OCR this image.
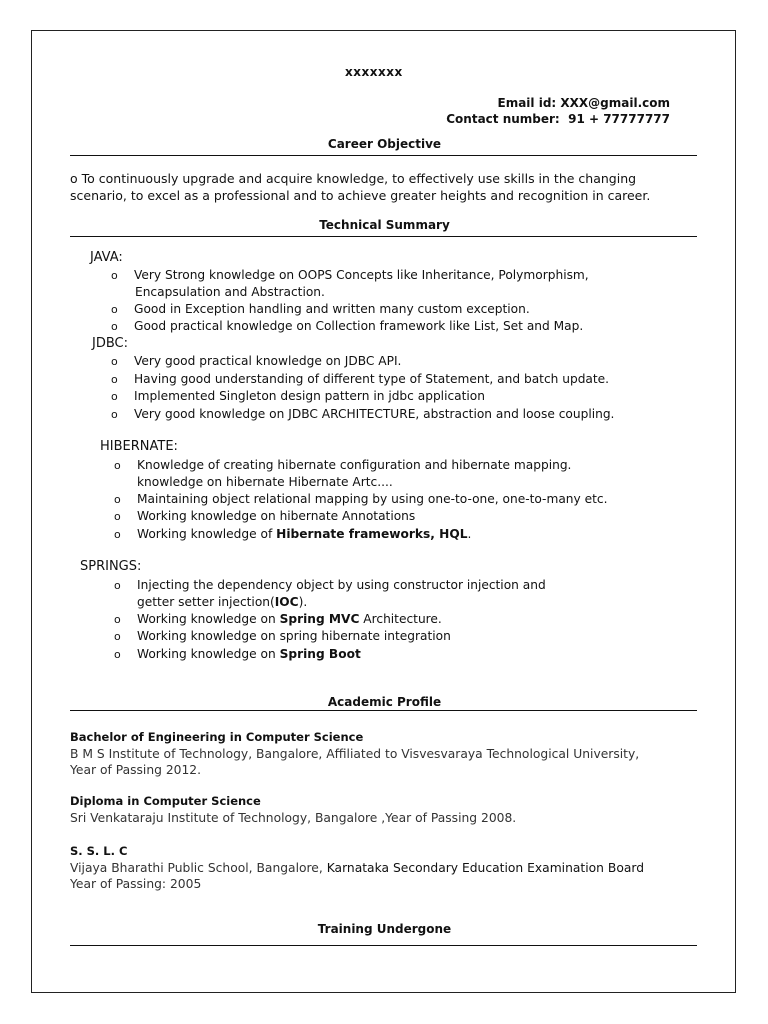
xxxxxxx
Email id: XXX@gmail.com
Contact number: 91 + 77777777
Career Objective
o To continuously upgrade and acquire knowledge, to effectively use skills in the changing
scenario, to excel as a professional and to achieve greater heights and recognition in career.
Technical Summary
JAVA:
o Very Strong knowledge on OOPS Concepts like Inheritance, Polymorphism,
Encapsulation and Abstraction.
o Good in Exception handling and written many custom exception.
o Good practical knowledge on Collection framework like List, Set and Map.
JDBC:
o Very good practical knowledge on JDBC API.
o Having good understanding of different type of Statement, and batch update.
o Implemented Singleton design pattern in jdbc application
o Very good knowledge on JDBC ARCHITECTURE, abstraction and loose coupling.
HIBERNATE:
o Knowledge of creating hibernate configuration and hibernate mapping.
knowledge on hibernate Hibernate Artc....
o Maintaining object relational mapping by using one-to-one, one-to-many etc.
o Working knowledge on hibernate Annotations
o Working knowledge of Hibernate frameworks, HQL.
SPRINGS:
o Injecting the dependency object by using constructor injection and
getter setter injection(IOC).
o Working knowledge on Spring MVC Architecture.
o Working knowledge on spring hibernate integration
o Working knowledge on Spring Boot
Academic Profile
Bachelor of Engineering in Computer Science
B M S Institute of Technology, Bangalore, Affiliated to Visvesvaraya Technological University,
Year of Passing 2012.
Diploma in Computer Science
Sri Venkataraju Institute of Technology, Bangalore ,Year of Passing 2008.
S. S. L. C
Vijaya Bharathi Public School, Bangalore, Karnataka Secondary Education Examination Board
Year of Passing: 2005
Training Undergone
